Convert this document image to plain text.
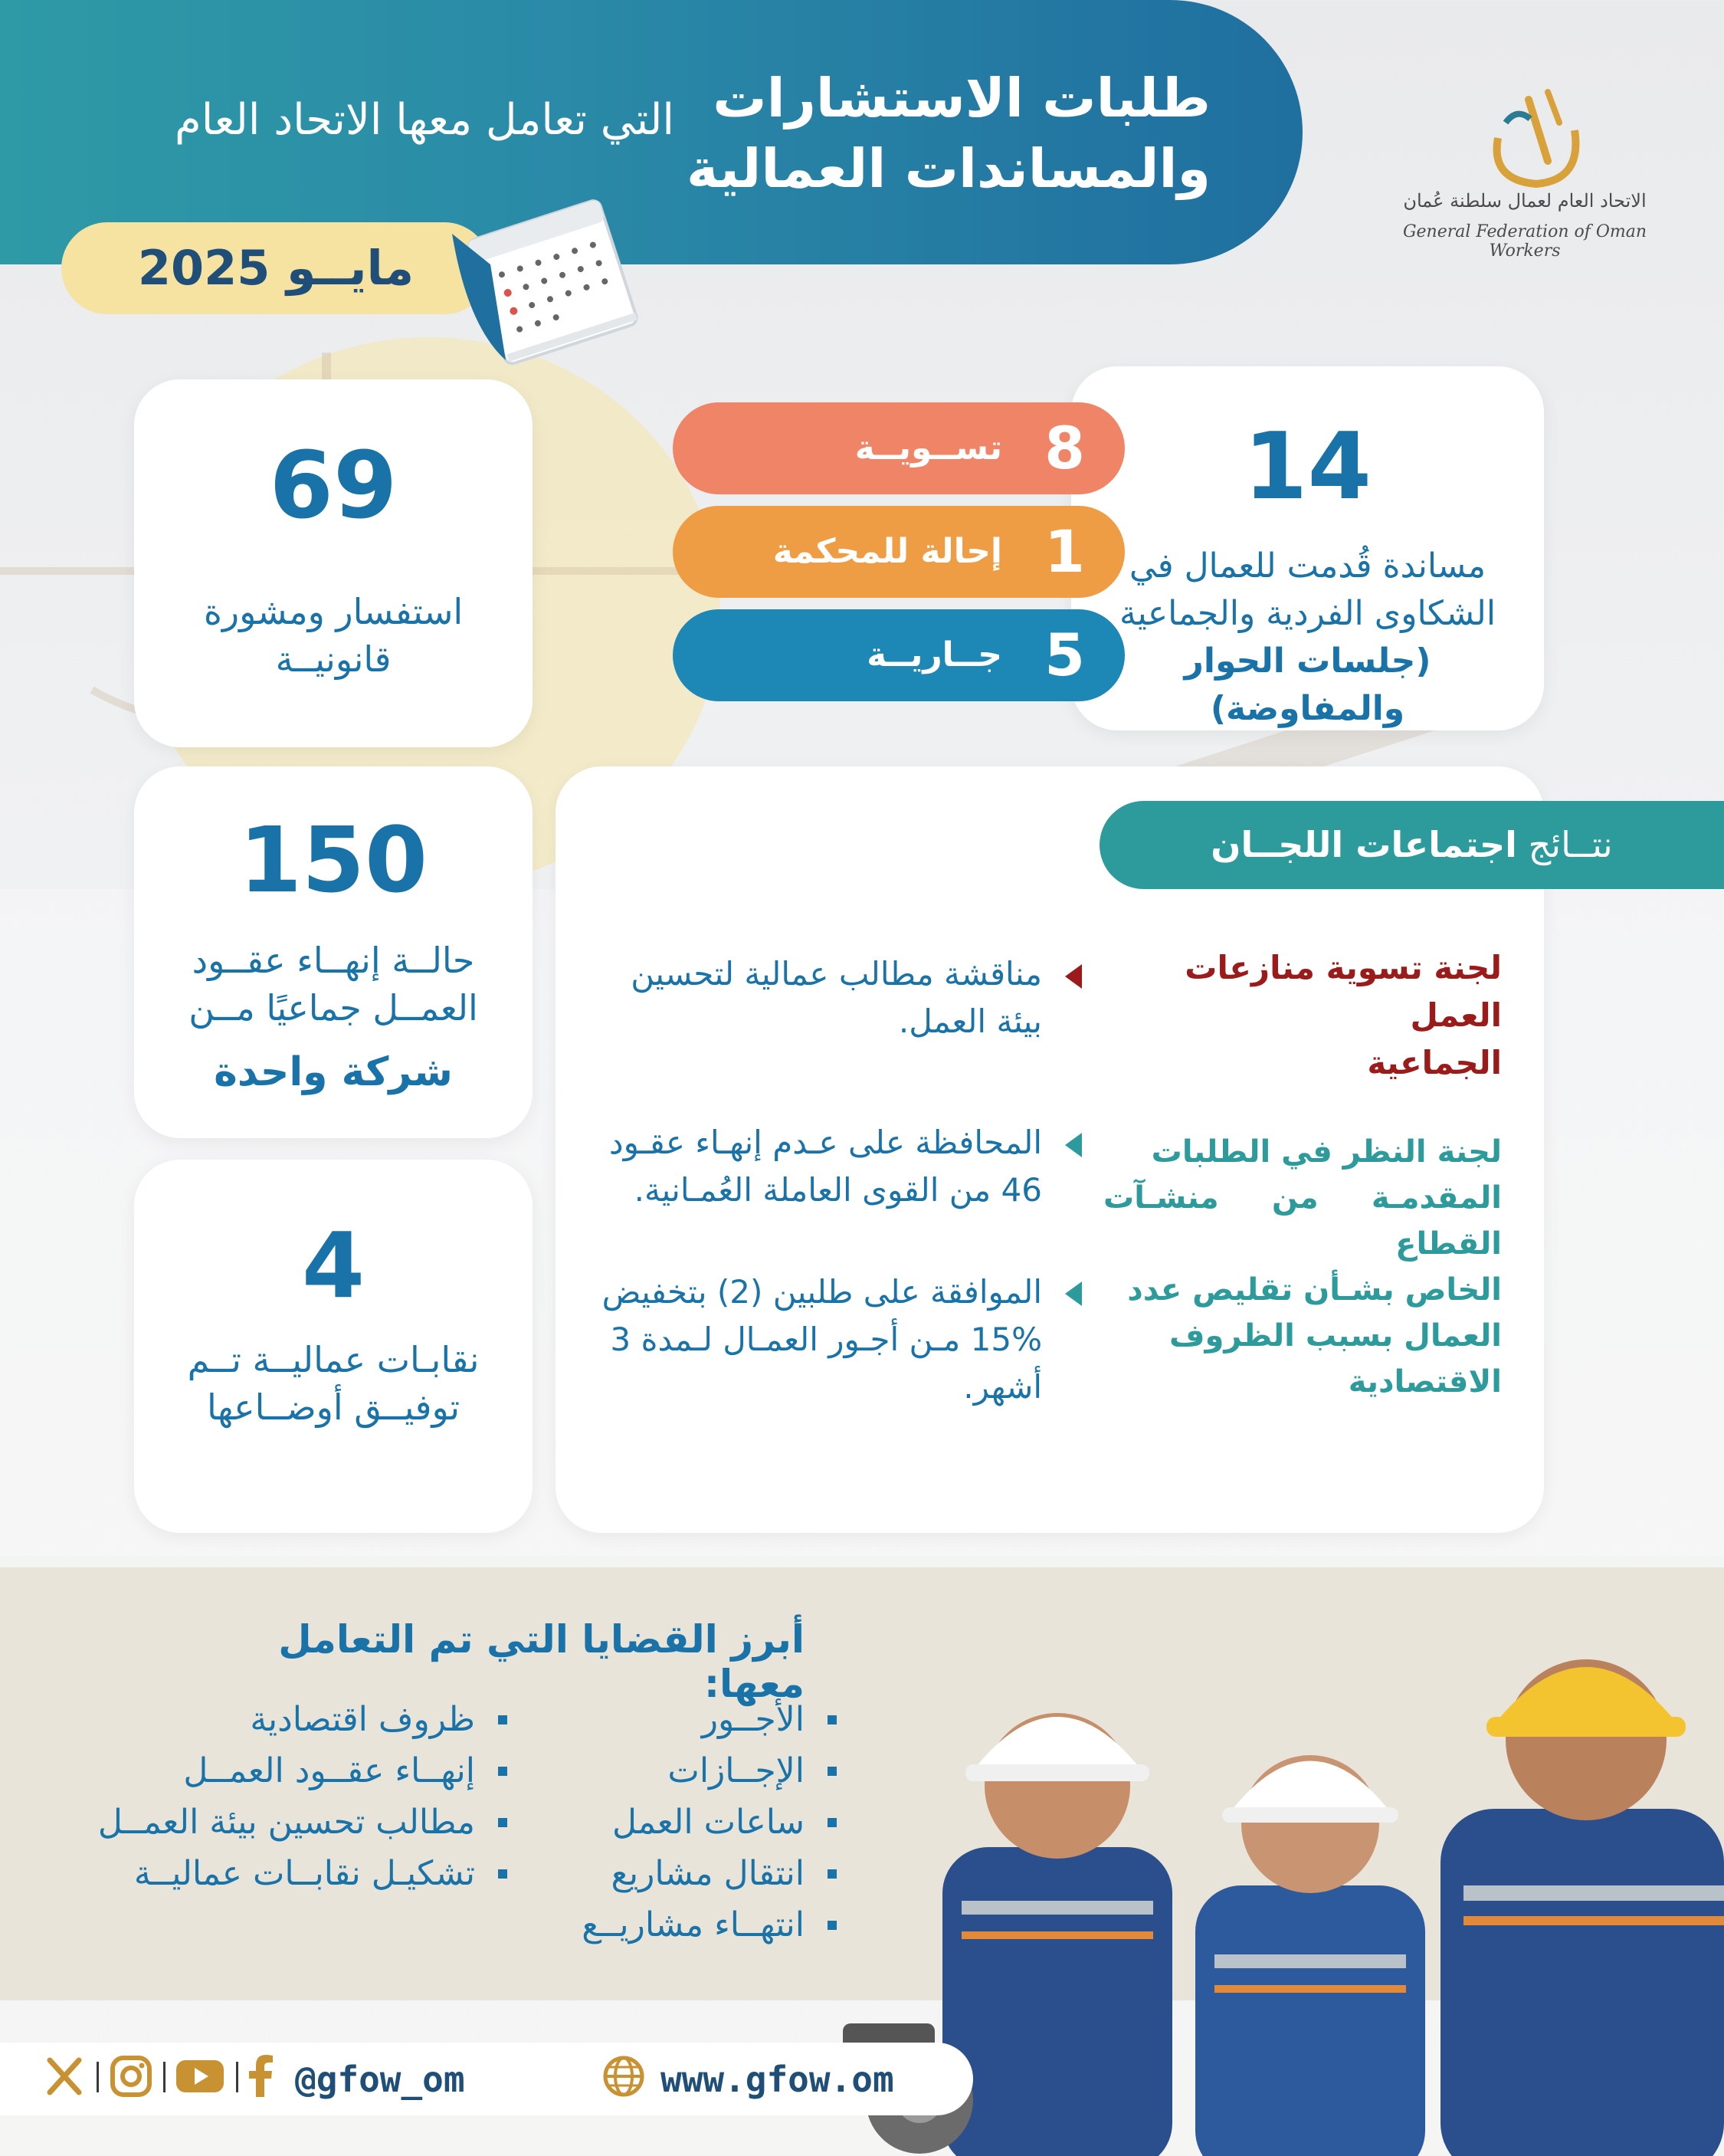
طلبات الاستشارات
والمساندات العمالية
التي تعامل معها الاتحاد العام
الاتحاد العام لعمال سلطنة عُمان
General Federation of Oman Workers
مايــو 2025
69
استفسار ومشورة
قانونيــة
14
مساندة قُدمت للعمال في
الشكاوى الفردية والجماعية
(جلسات الحوار والمفاوضة)
8
تســويــة
1
إحالة للمحكمة
5
جــاريــة
150
حالــة إنهــاء عقــود
العمــل جماعيًا مــن
شركة واحدة
4
نقابـات عماليــة تــم
توفيــق أوضــاعها
نتــائج اجتماعات اللجــان
لجنة تسوية منازعات العمل
الجماعية
مناقشة مطالب عمالية لتحسين
بيئة العمل.
لجنة النظر في الطلبات
المقدمـة من منشـآت القطاع
الخاص بشـأن تقليص عدد
العمال بسبب الظروف
الاقتصادية
المحافظة على عـدم إنهـاء عقـود
46 من القوى العاملة العُمـانية.
الموافقة على طلبين (2) بتخفيض
15% مـن أجـور العمـال لـمدة 3
أشهر.
أبرز القضايا التي تم التعامل معها:
الأجــور
الإجــازات
ساعات العمل
انتقال مشاريع
انتهــاء مشاريــع
ظروف اقتصادية
إنهــاء عقــود العمــل
مطالب تحسين بيئة العمــل
تشكيـل نقابــات عماليــة
@gfow_om	www.gfow.om
